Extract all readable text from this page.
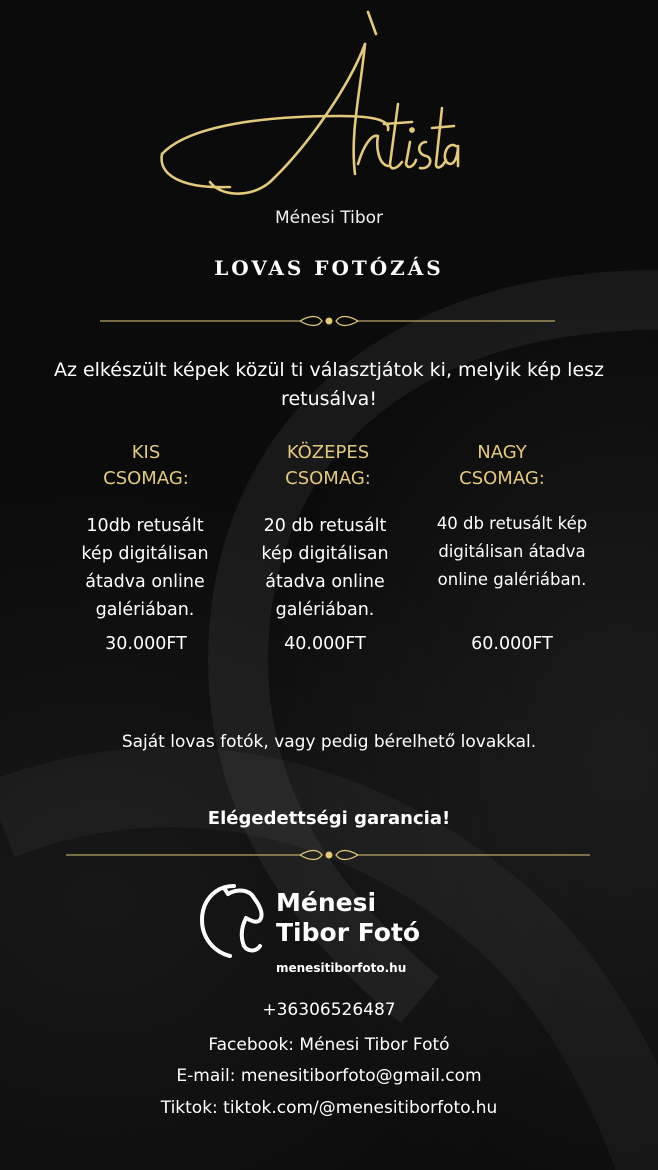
Ménesi Tibor
LOVAS FOTÓZÁS
Az elkészült képek közül ti választjátok ki, melyik kép lesz retusálva!
KIS
CSOMAG:
KÖZEPES
CSOMAG:
NAGY
CSOMAG:
10db retusált
kép digitálisan
átadva online
galériában.
20 db retusált
kép digitálisan
átadva online
galériában.
40 db retusált kép
digitálisan átadva
online galériában.
30.000FT	40.000FT	60.000FT
Saját lovas fotók, vagy pedig bérelhető lovakkal.
Elégedettségi garancia!
Ménesi
Tibor Fotó
menesitiborfoto.hu
+36306526487
Facebook: Ménesi Tibor Fotó
E-mail: menesitiborfoto@gmail.com
Tiktok: tiktok.com/@menesitiborfoto.hu
